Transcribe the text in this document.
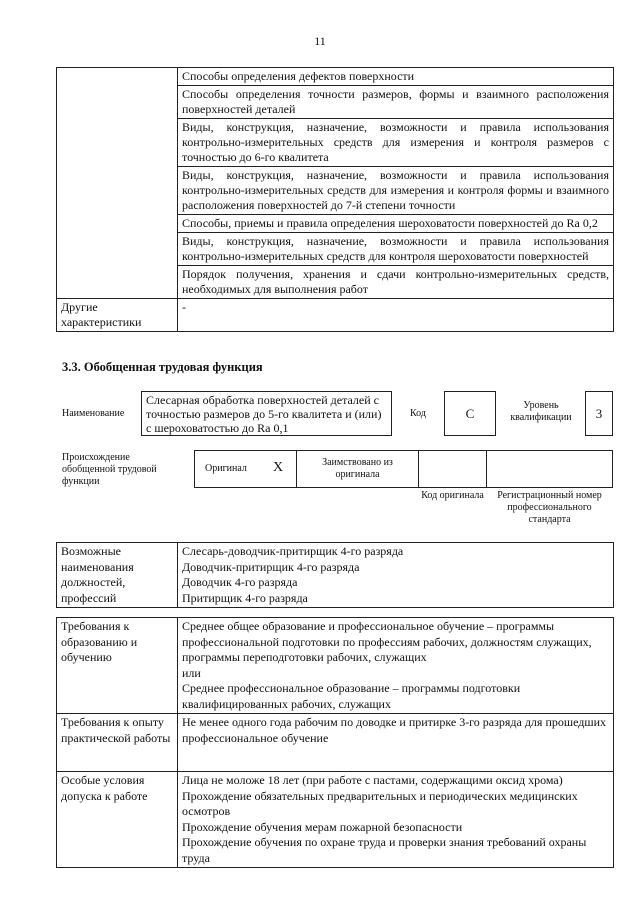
11
	Способы определения дефектов поверхности
	Способы определения точности размеров, формы и взаимного расположения поверхностей деталей
	Виды, конструкция, назначение, возможности и правила использования контрольно-измерительных средств для измерения и контроля размеров с точностью до 6-го квалитета
	Виды, конструкция, назначение, возможности и правила использования контрольно-измерительных средств для измерения и контроля формы и взаимного расположения поверхностей до 7-й степени точности
	Способы, приемы и правила определения шероховатости поверхностей до Ra 0,2
	Виды, конструкция, назначение, возможности и правила использования контрольно-измерительных средств для контроля шероховатости поверхностей
	Порядок получения, хранения и сдачи контрольно-измерительных средств, необходимых для выполнения работ
Другие характеристики	-
3.3. Обобщенная трудовая функция
Наименование
Слесарная обработка поверхностей деталей с точностью размеров до 5-го квалитета и (или) с шероховатостью до Ra 0,1
Код	C	Уровень квалификации	3
Происхождение обобщенной трудовой функции
Оригинал X	Заимствовано из оригинала
Код оригинала	Регистрационный номер профессионального стандарта
Возможные наименования должностей, профессий	
Слесарь-доводчик-притирщик 4-го разряда
Доводчик-притирщик 4-го разряда
Доводчик 4-го разряда
Притирщик 4-го разряда
Требования к образованию и обучению	Среднее общее образование и профессиональное обучение – программы профессиональной подготовки по профессиям рабочих, должностям служащих, программы переподготовки рабочих, служащих
или
Среднее профессиональное образование – программы подготовки квалифицированных рабочих, служащих

Требования к опыту практической работы	Не менее одного года рабочим по доводке и притирке 3-го разряда для прошедших профессиональное обучение
Особые условия допуска к работе	Лица не моложе 18 лет (при работе с пастами, содержащими оксид хрома)
Прохождение обязательных предварительных и периодических медицинских осмотров
Прохождение обучения мерам пожарной безопасности
Прохождение обучения по охране труда и проверки знания требований охраны труда
